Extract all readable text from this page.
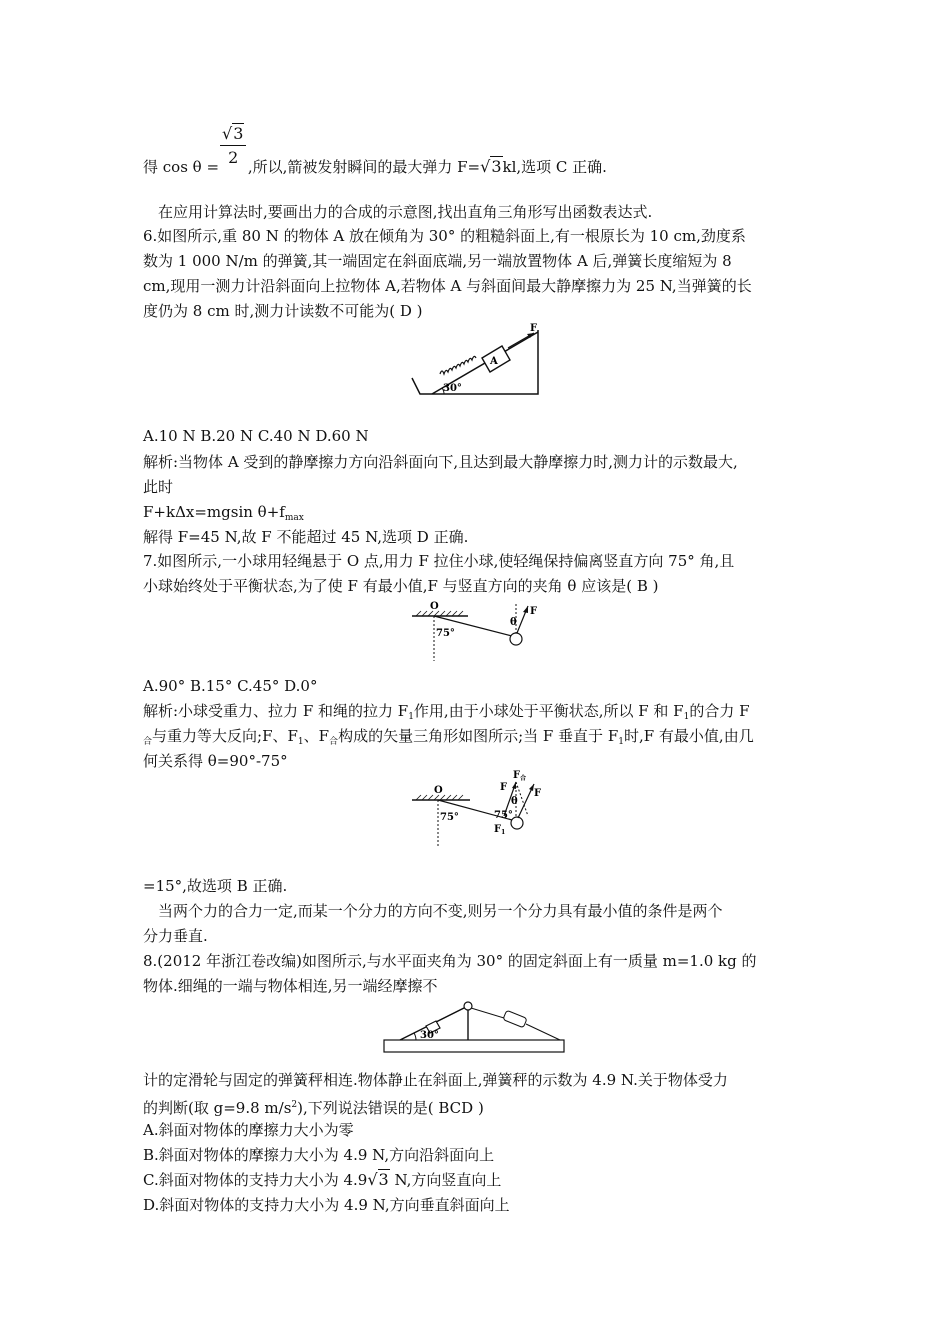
$\frac{√3}{2}$
得 cos θ = ,所以,箭被发射瞬间的最大弹力 F=√3kl,选项 C 正确.
在应用计算法时,要画出力的合成的示意图,找出直角三角形写出函数表达式.
6.如图所示,重 80 N 的物体 A 放在倾角为 30° 的粗糙斜面上,有一根原长为 10 cm,劲度系
数为 1 000 N/m 的弹簧,其一端固定在斜面底端,另一端放置物体 A 后,弹簧长度缩短为 8
cm,现用一测力计沿斜面向上拉物体 A,若物体 A 与斜面间最大静摩擦力为 25 N,当弹簧的长
度仍为 8 cm 时,测力计读数不可能为( D )
A
F
30°
A.10 N B.20 N C.40 N D.60 N
解析:当物体 A 受到的静摩擦力方向沿斜面向下,且达到最大静摩擦力时,测力计的示数最大,
此时
F+kΔx=mgsin $\theta+f_{max}$
解得 F=45 N,故 F 不能超过 45 N,选项 D 正确.
7.如图所示,一小球用轻绳悬于 O 点,用力 F 拉住小球,使轻绳保持偏离竖直方向 75° 角,且
小球始终处于平衡状态,为了使 F 有最小值,F 与竖直方向的夹角 θ 应该是( B )
O
75°
F
θ
A.90° B.15° C.45° D.0°
解析:小球受重力、拉力 F 和绳的拉力 $F_1$作用,由于小球处于平衡状态,所以 F 和 $F_1$的合力 F
$_合$与重力等大反向;F、$F_1$、$F_合$构成的矢量三角形如图所示;当 F 垂直于 $F_1$时,F 有最小值,由几
何关系得 θ=90°-75°
O
75°
F
$F_合$
F
θ
75°
$F_1$
=15°,故选项 B 正确.
当两个力的合力一定,而某一个分力的方向不变,则另一个分力具有最小值的条件是两个
分力垂直.
8.(2012 年浙江卷改编)如图所示,与水平面夹角为 30° 的固定斜面上有一质量 m=1.0 kg 的
物体.细绳的一端与物体相连,另一端经摩擦不
30°
计的定滑轮与固定的弹簧秤相连.物体静止在斜面上,弹簧秤的示数为 4.9 N.关于物体受力
的判断(取 g=9.8 $m/s^2$),下列说法错误的是( BCD )
A.斜面对物体的摩擦力大小为零
B.斜面对物体的摩擦力大小为 4.9 N,方向沿斜面向上
C.斜面对物体的支持力大小为 4.9√3 N,方向竖直向上
D.斜面对物体的支持力大小为 4.9 N,方向垂直斜面向上
